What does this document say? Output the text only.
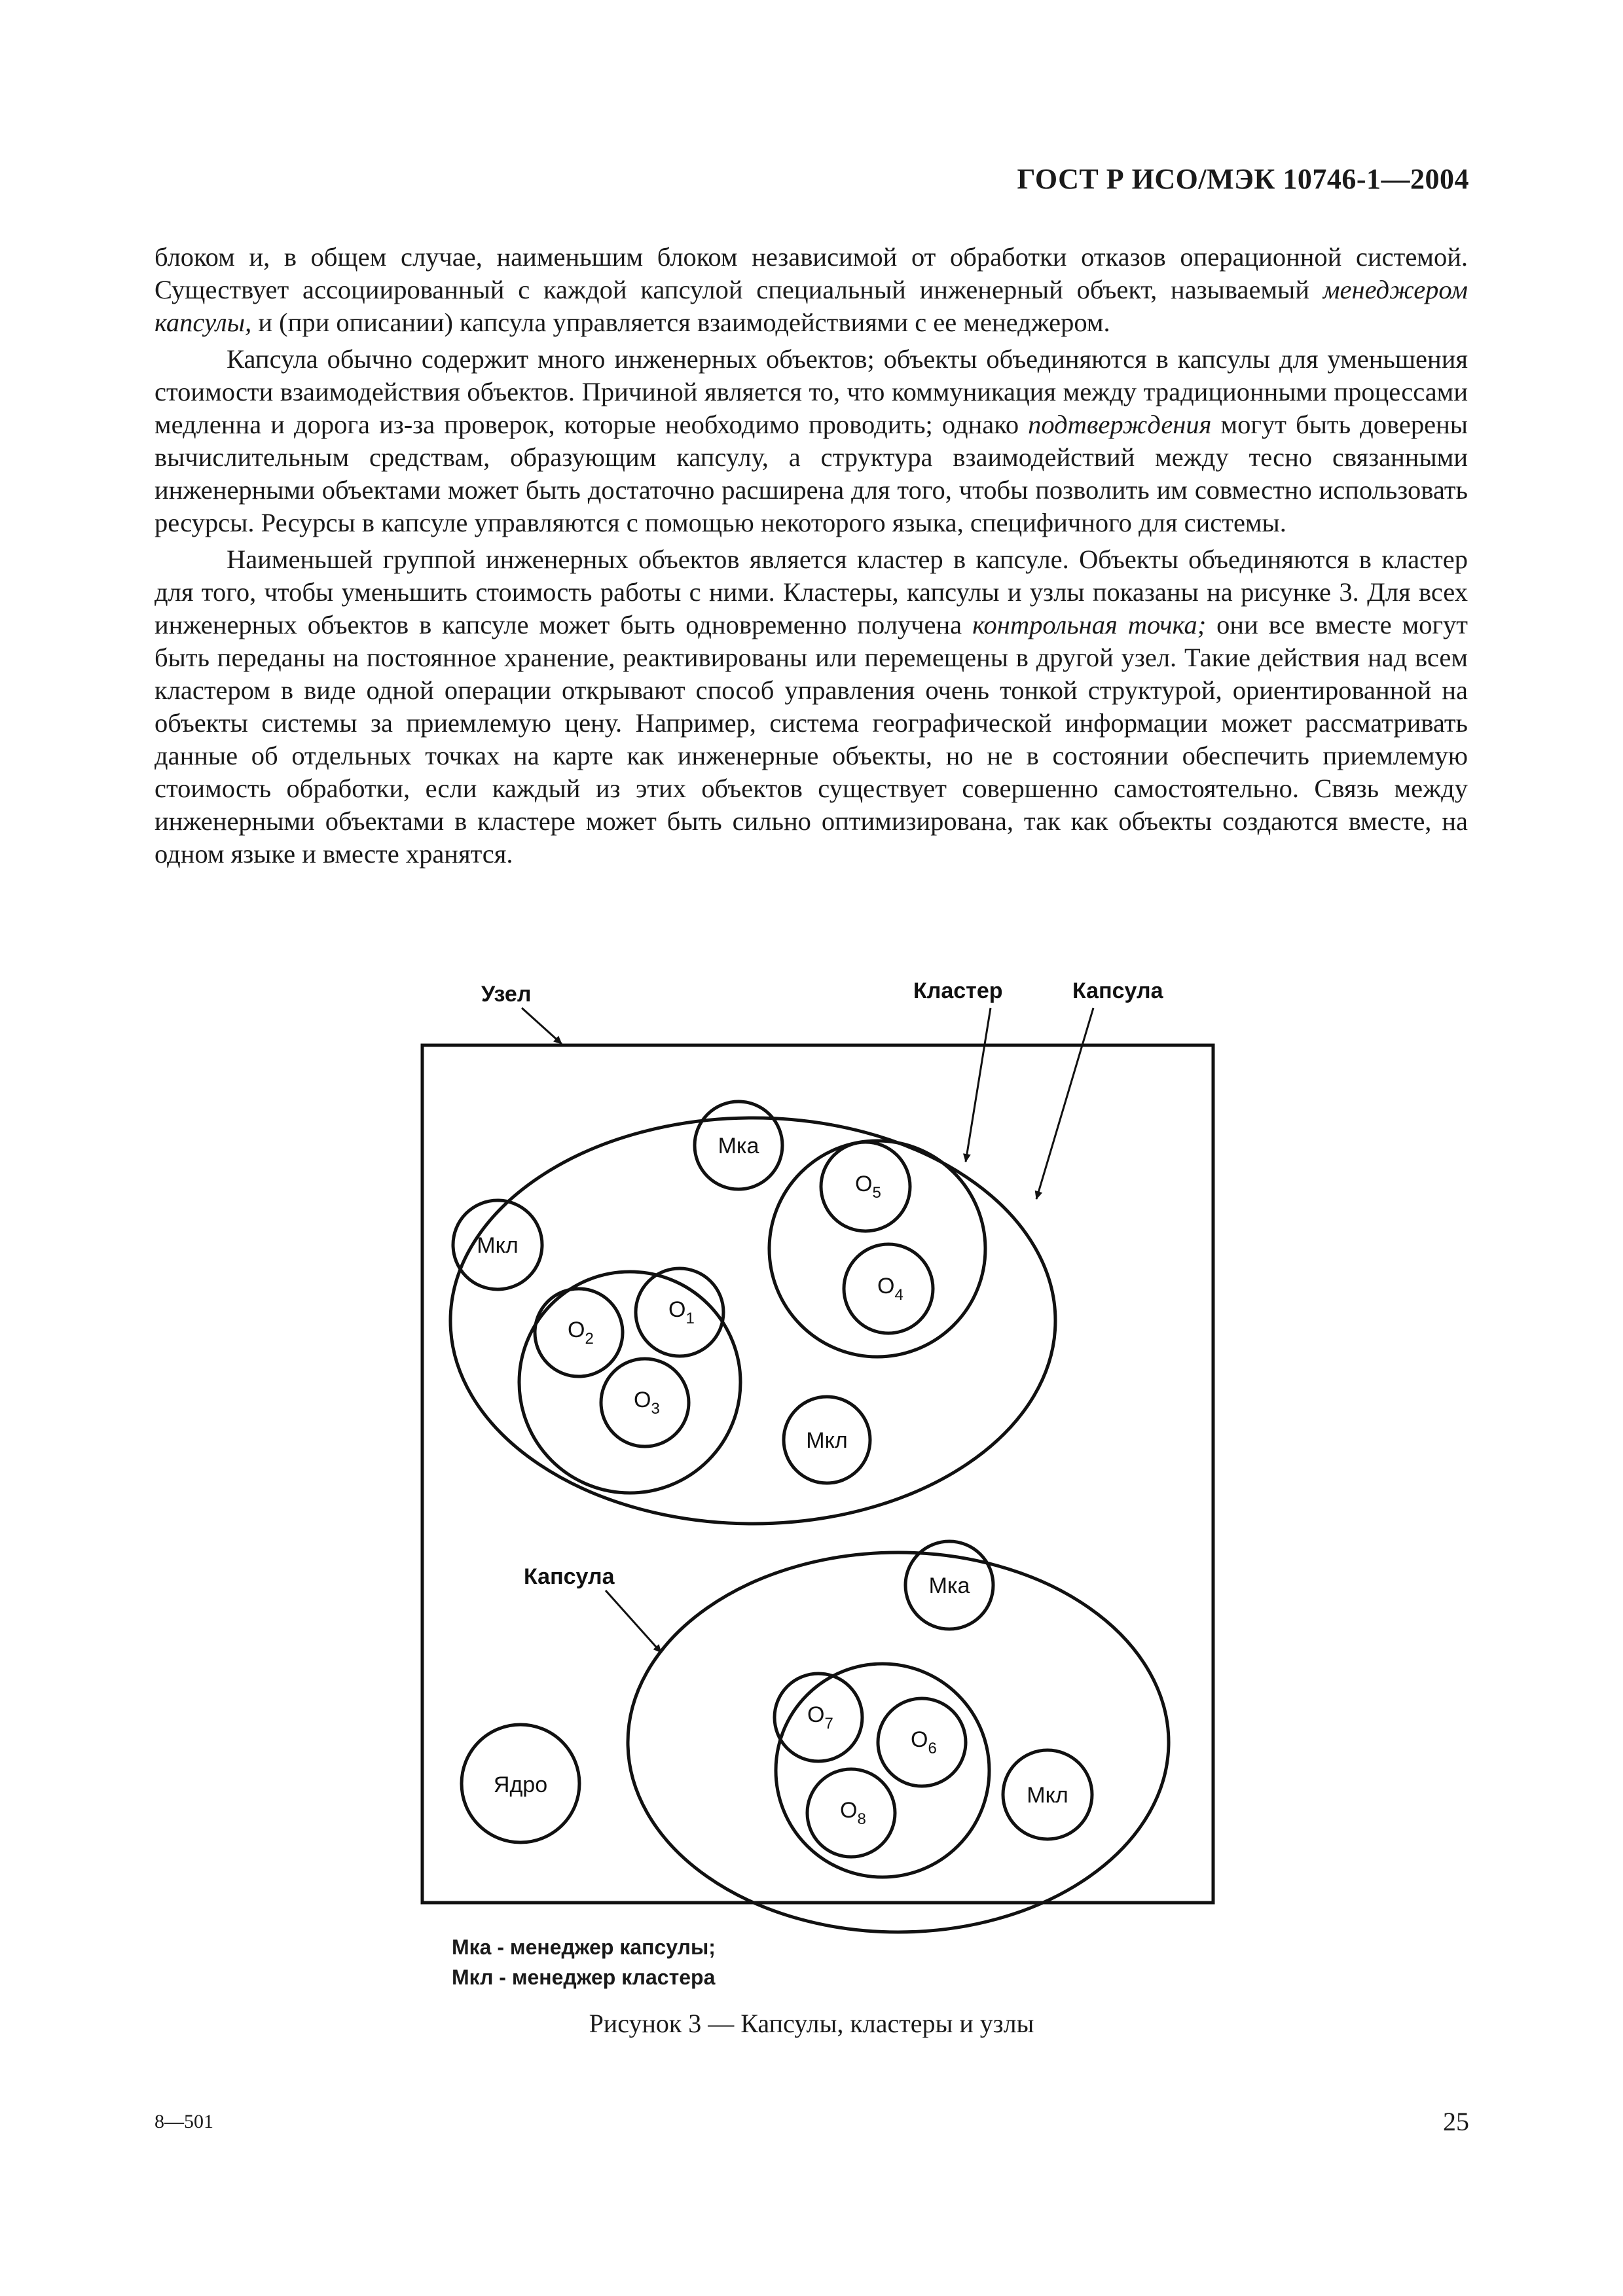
ГОСТ Р ИСО/МЭК 10746-1—2004

блоком и, в общем случае, наименьшим блоком независимой от обработки отказов операционной системой. Существует ассоциированный с каждой капсулой специальный инженерный объект, называемый менеджером капсулы, и (при описании) капсула управляется взаимодействиями с ее менеджером.

Капсула обычно содержит много инженерных объектов; объекты объединяются в капсулы для уменьшения стоимости взаимодействия объектов. Причиной является то, что коммуникация между традиционными процессами медленна и дорога из-за проверок, которые необходимо проводить; однако подтверждения могут быть доверены вычислительным средствам, образующим капсулу, а структура взаимодействий между тесно связанными инженерными объектами может быть достаточно расширена для того, чтобы позволить им совместно использовать ресурсы. Ресурсы в капсуле управляются с помощью некоторого языка, специфичного для системы.

Наименьшей группой инженерных объектов является кластер в капсуле. Объекты объединяются в кластер для того, чтобы уменьшить стоимость работы с ними. Кластеры, капсулы и узлы показаны на рисунке 3. Для всех инженерных объектов в капсуле может быть одновременно получена контрольная точка; они все вместе могут быть переданы на постоянное хранение, реактивированы или перемещены в другой узел. Такие действия над всем кластером в виде одной операции открывают способ управления очень тонкой структурой, ориентированной на объекты системы за приемлемую цену. Например, система географической информации может рассматривать данные об отдельных точках на карте как инженерные объекты, но не в состоянии обеспечить приемлемую стоимость обработки, если каждый из этих объектов существует совершенно самостоятельно. Связь между инженерными объектами в кластере может быть сильно оптимизирована, так как объекты создаются вместе, на одном языке и вместе хранятся.

Узел	Кластер	Капсула
Капсула
Мка
Мкл
Мкл
Мка
Мкл
Ядро
$O_5$
$O_4$
$O_1$
$O_2$
$O_3$
$O_7$
$O_6$
$O_8$
Мка - менеджер капсулы;
Мкл - менеджер кластера
Рисунок 3 — Капсулы, кластеры и узлы
8—501	25
